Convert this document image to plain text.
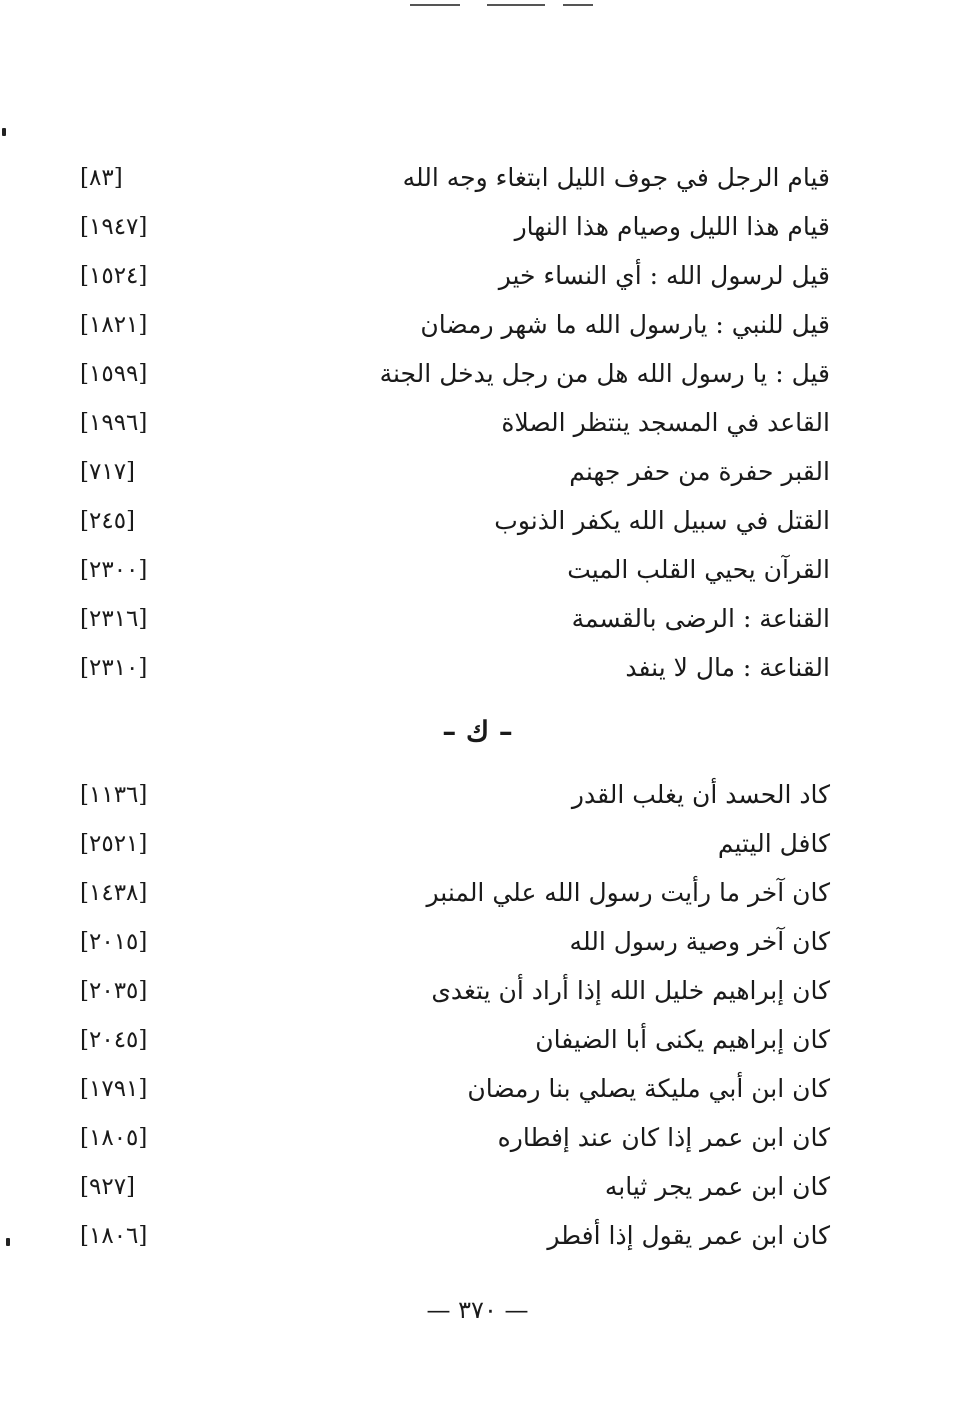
قيام الرجل في جوف الليل ابتغاء وجه الله
[٨٣]
قيام هذا الليل وصيام هذا النهار
[١٩٤٧]
قيل لرسول الله : أي النساء خير
[١٥٢٤]
قيل للنبي : يارسول الله ما شهر رمضان
[١٨٢١]
قيل : يا رسول الله هل من رجل يدخل الجنة
[١٥٩٩]
القاعد في المسجد ينتظر الصلاة
[١٩٩٦]
القبر حفرة من حفر جهنم
[٧١٧]
القتل في سبيل الله يكفر الذنوب
[٢٤٥]
القرآن يحيي القلب الميت
[٢٣٠٠]
القناعة : الرضى بالقسمة
[٢٣١٦]
القناعة : مال لا ينفد
[٢٣١٠]
– ك –
كاد الحسد أن يغلب القدر
[١١٣٦]
كافل اليتيم
[٢٥٢١]
كان آخر ما رأيت رسول الله علي المنبر
[١٤٣٨]
كان آخر وصية رسول الله
[٢٠١٥]
كان إبراهيم خليل الله إذا أراد أن يتغدى
[٢٠٣٥]
كان إبراهيم يكنى أبا الضيفان
[٢٠٤٥]
كان ابن أبي مليكة يصلي بنا رمضان
[١٧٩١]
كان ابن عمر إذا كان عند إفطاره
[١٨٠٥]
كان ابن عمر يجر ثيابه
[٩٢٧]
كان ابن عمر يقول إذا أفطر
[١٨٠٦]
— ٣٧٠ —
